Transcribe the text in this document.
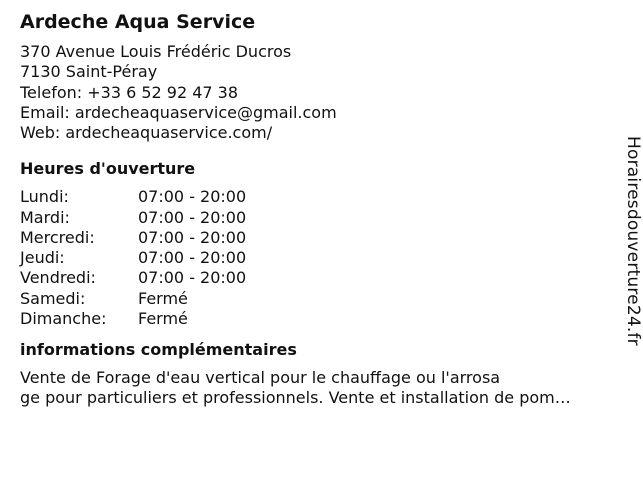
Ardeche Aqua Service
370 Avenue Louis Frédéric Ducros
7130 Saint-Péray
Telefon: +33 6 52 92 47 38
Email: ardecheaquaservice@gmail.com
Web: ardecheaquaservice.com/
Heures d'ouverture
Lundi:	07:00 - 20:00
Mardi:	07:00 - 20:00
Mercredi:	07:00 - 20:00
Jeudi:	07:00 - 20:00
Vendredi:	07:00 - 20:00
Samedi:	Fermé
Dimanche:	Fermé
informations complémentaires
Vente de Forage d'eau vertical pour le chauffage ou l'arrosa
ge pour particuliers et professionnels. Vente et installation de pom…
Horairesdouverture24.fr
